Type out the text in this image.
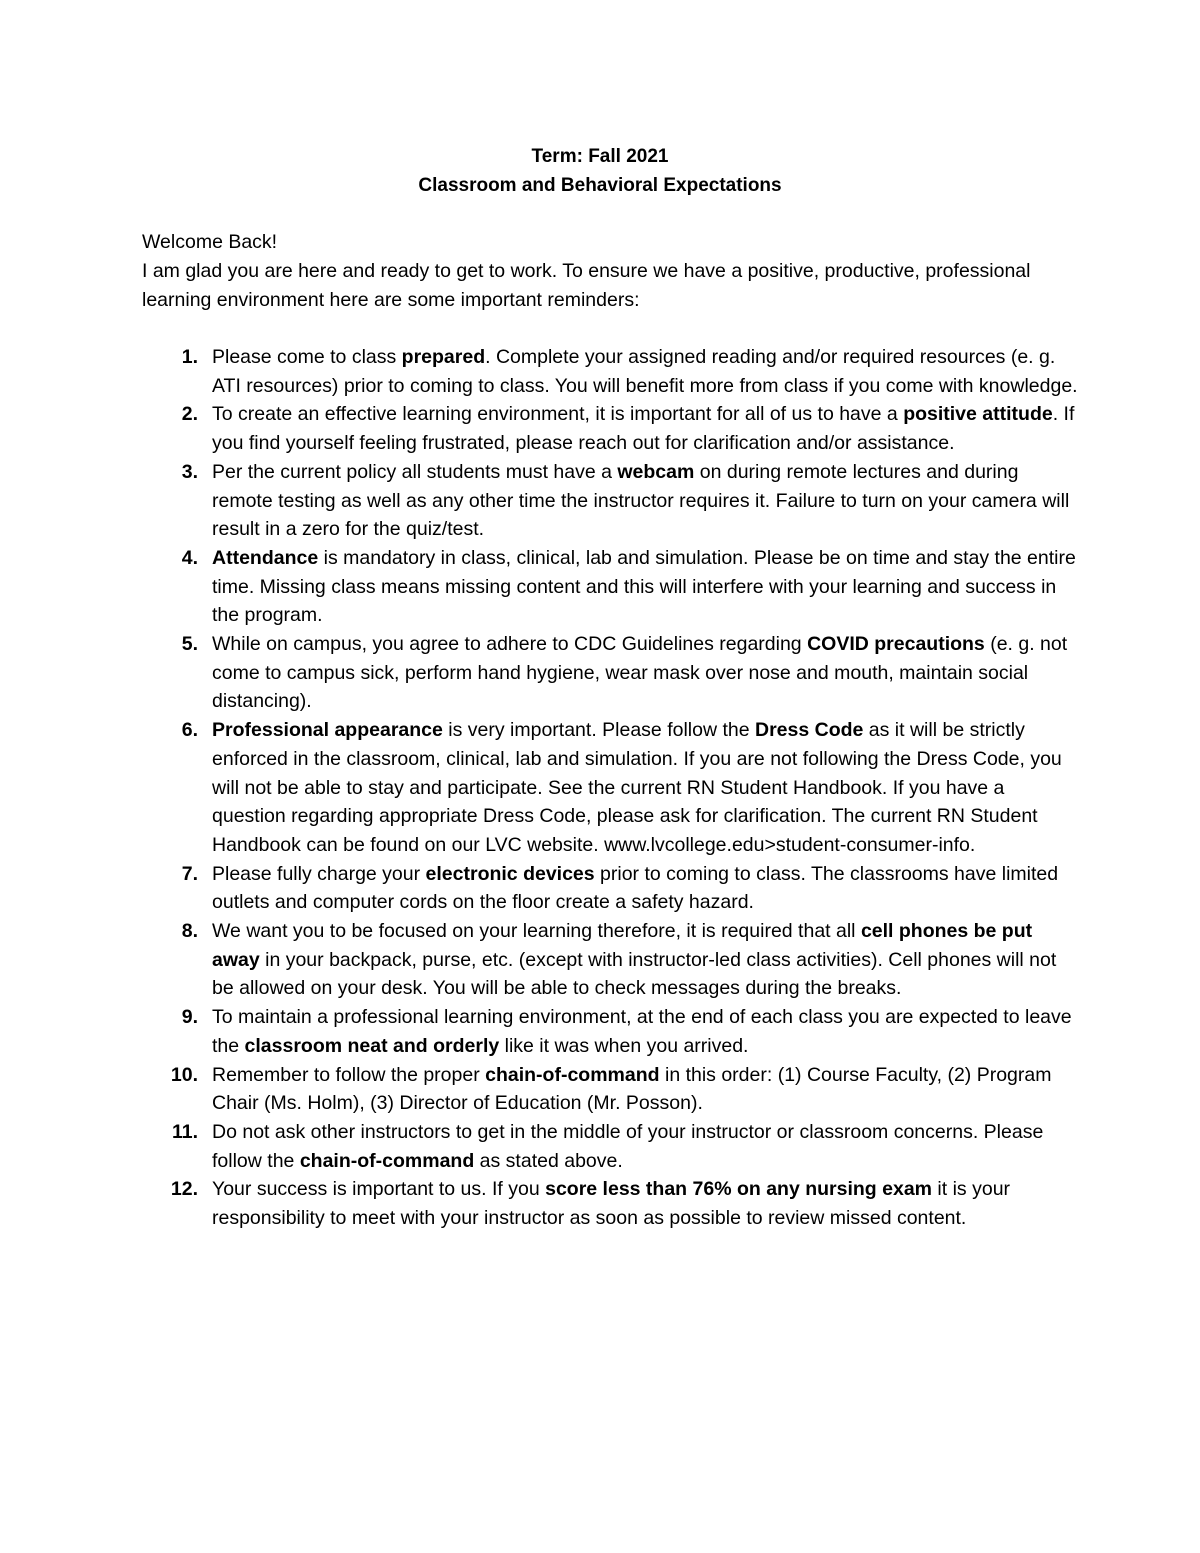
Term: Fall 2021
Classroom and Behavioral Expectations

Welcome Back!

I am glad you are here and ready to get to work. To ensure we have a positive, productive, professional learning environment here are some important reminders:

1. Please come to class prepared. Complete your assigned reading and/or required resources (e. g. ATI resources) prior to coming to class. You will benefit more from class if you come with knowledge.
2. To create an effective learning environment, it is important for all of us to have a positive attitude. If you find yourself feeling frustrated, please reach out for clarification and/or assistance.
3. Per the current policy all students must have a webcam on during remote lectures and during remote testing as well as any other time the instructor requires it. Failure to turn on your camera will result in a zero for the quiz/test.
4. Attendance is mandatory in class, clinical, lab and simulation. Please be on time and stay the entire time. Missing class means missing content and this will interfere with your learning and success in the program.
5. While on campus, you agree to adhere to CDC Guidelines regarding COVID precautions (e. g. not come to campus sick, perform hand hygiene, wear mask over nose and mouth, maintain social distancing).
6. Professional appearance is very important. Please follow the Dress Code as it will be strictly enforced in the classroom, clinical, lab and simulation. If you are not following the Dress Code, you will not be able to stay and participate. See the current RN Student Handbook. If you have a question regarding appropriate Dress Code, please ask for clarification. The current RN Student Handbook can be found on our LVC website. www.lvcollege.edu>student-consumer-info.
7. Please fully charge your electronic devices prior to coming to class. The classrooms have limited outlets and computer cords on the floor create a safety hazard.
8. We want you to be focused on your learning therefore, it is required that all cell phones be put away in your backpack, purse, etc. (except with instructor-led class activities). Cell phones will not be allowed on your desk. You will be able to check messages during the breaks.
9. To maintain a professional learning environment, at the end of each class you are expected to leave the classroom neat and orderly like it was when you arrived.
10. Remember to follow the proper chain-of-command in this order: (1) Course Faculty, (2) Program Chair (Ms. Holm), (3) Director of Education (Mr. Posson).
11. Do not ask other instructors to get in the middle of your instructor or classroom concerns. Please follow the chain-of-command as stated above.
12. Your success is important to us. If you score less than 76% on any nursing exam it is your responsibility to meet with your instructor as soon as possible to review missed content.
